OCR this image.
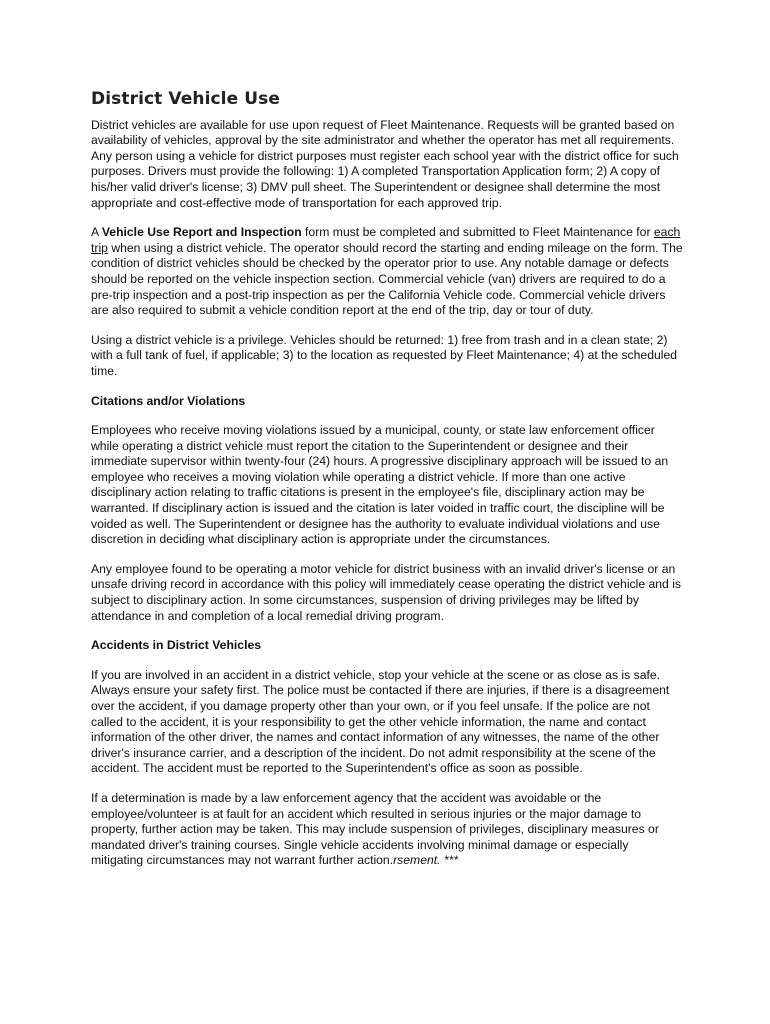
District Vehicle Use

District vehicles are available for use upon request of Fleet Maintenance. Requests will be granted based on availability of vehicles, approval by the site administrator and whether the operator has met all requirements. Any person using a vehicle for district purposes must register each school year with the district office for such purposes. Drivers must provide the following: 1) A completed Transportation Application form; 2) A copy of his/her valid driver's license; 3) DMV pull sheet. The Superintendent or designee shall determine the most appropriate and cost-effective mode of transportation for each approved trip.

A Vehicle Use Report and Inspection form must be completed and submitted to Fleet Maintenance for each trip when using a district vehicle. The operator should record the starting and ending mileage on the form. The condition of district vehicles should be checked by the operator prior to use. Any notable damage or defects should be reported on the vehicle inspection section. Commercial vehicle (van) drivers are required to do a pre-trip inspection and a post-trip inspection as per the California Vehicle code. Commercial vehicle drivers are also required to submit a vehicle condition report at the end of the trip, day or tour of duty.

Using a district vehicle is a privilege. Vehicles should be returned: 1) free from trash and in a clean state; 2) with a full tank of fuel, if applicable; 3) to the location as requested by Fleet Maintenance; 4) at the scheduled time.

Citations and/or Violations

Employees who receive moving violations issued by a municipal, county, or state law enforcement officer while operating a district vehicle must report the citation to the Superintendent or designee and their immediate supervisor within twenty-four (24) hours. A progressive disciplinary approach will be issued to an employee who receives a moving violation while operating a district vehicle. If more than one active disciplinary action relating to traffic citations is present in the employee's file, disciplinary action may be warranted. If disciplinary action is issued and the citation is later voided in traffic court, the discipline will be voided as well. The Superintendent or designee has the authority to evaluate individual violations and use discretion in deciding what disciplinary action is appropriate under the circumstances.

Any employee found to be operating a motor vehicle for district business with an invalid driver's license or an unsafe driving record in accordance with this policy will immediately cease operating the district vehicle and is subject to disciplinary action. In some circumstances, suspension of driving privileges may be lifted by attendance in and completion of a local remedial driving program.

Accidents in District Vehicles

If you are involved in an accident in a district vehicle, stop your vehicle at the scene or as close as is safe. Always ensure your safety first. The police must be contacted if there are injuries, if there is a disagreement over the accident, if you damage property other than your own, or if you feel unsafe. If the police are not called to the accident, it is your responsibility to get the other vehicle information, the name and contact information of the other driver, the names and contact information of any witnesses, the name of the other driver's insurance carrier, and a description of the incident. Do not admit responsibility at the scene of the accident. The accident must be reported to the Superintendent's office as soon as possible.

If a determination is made by a law enforcement agency that the accident was avoidable or the employee/volunteer is at fault for an accident which resulted in serious injuries or the major damage to property, further action may be taken. This may include suspension of privileges, disciplinary measures or mandated driver's training courses. Single vehicle accidents involving minimal damage or especially mitigating circumstances may not warrant further action.rsement. ***
